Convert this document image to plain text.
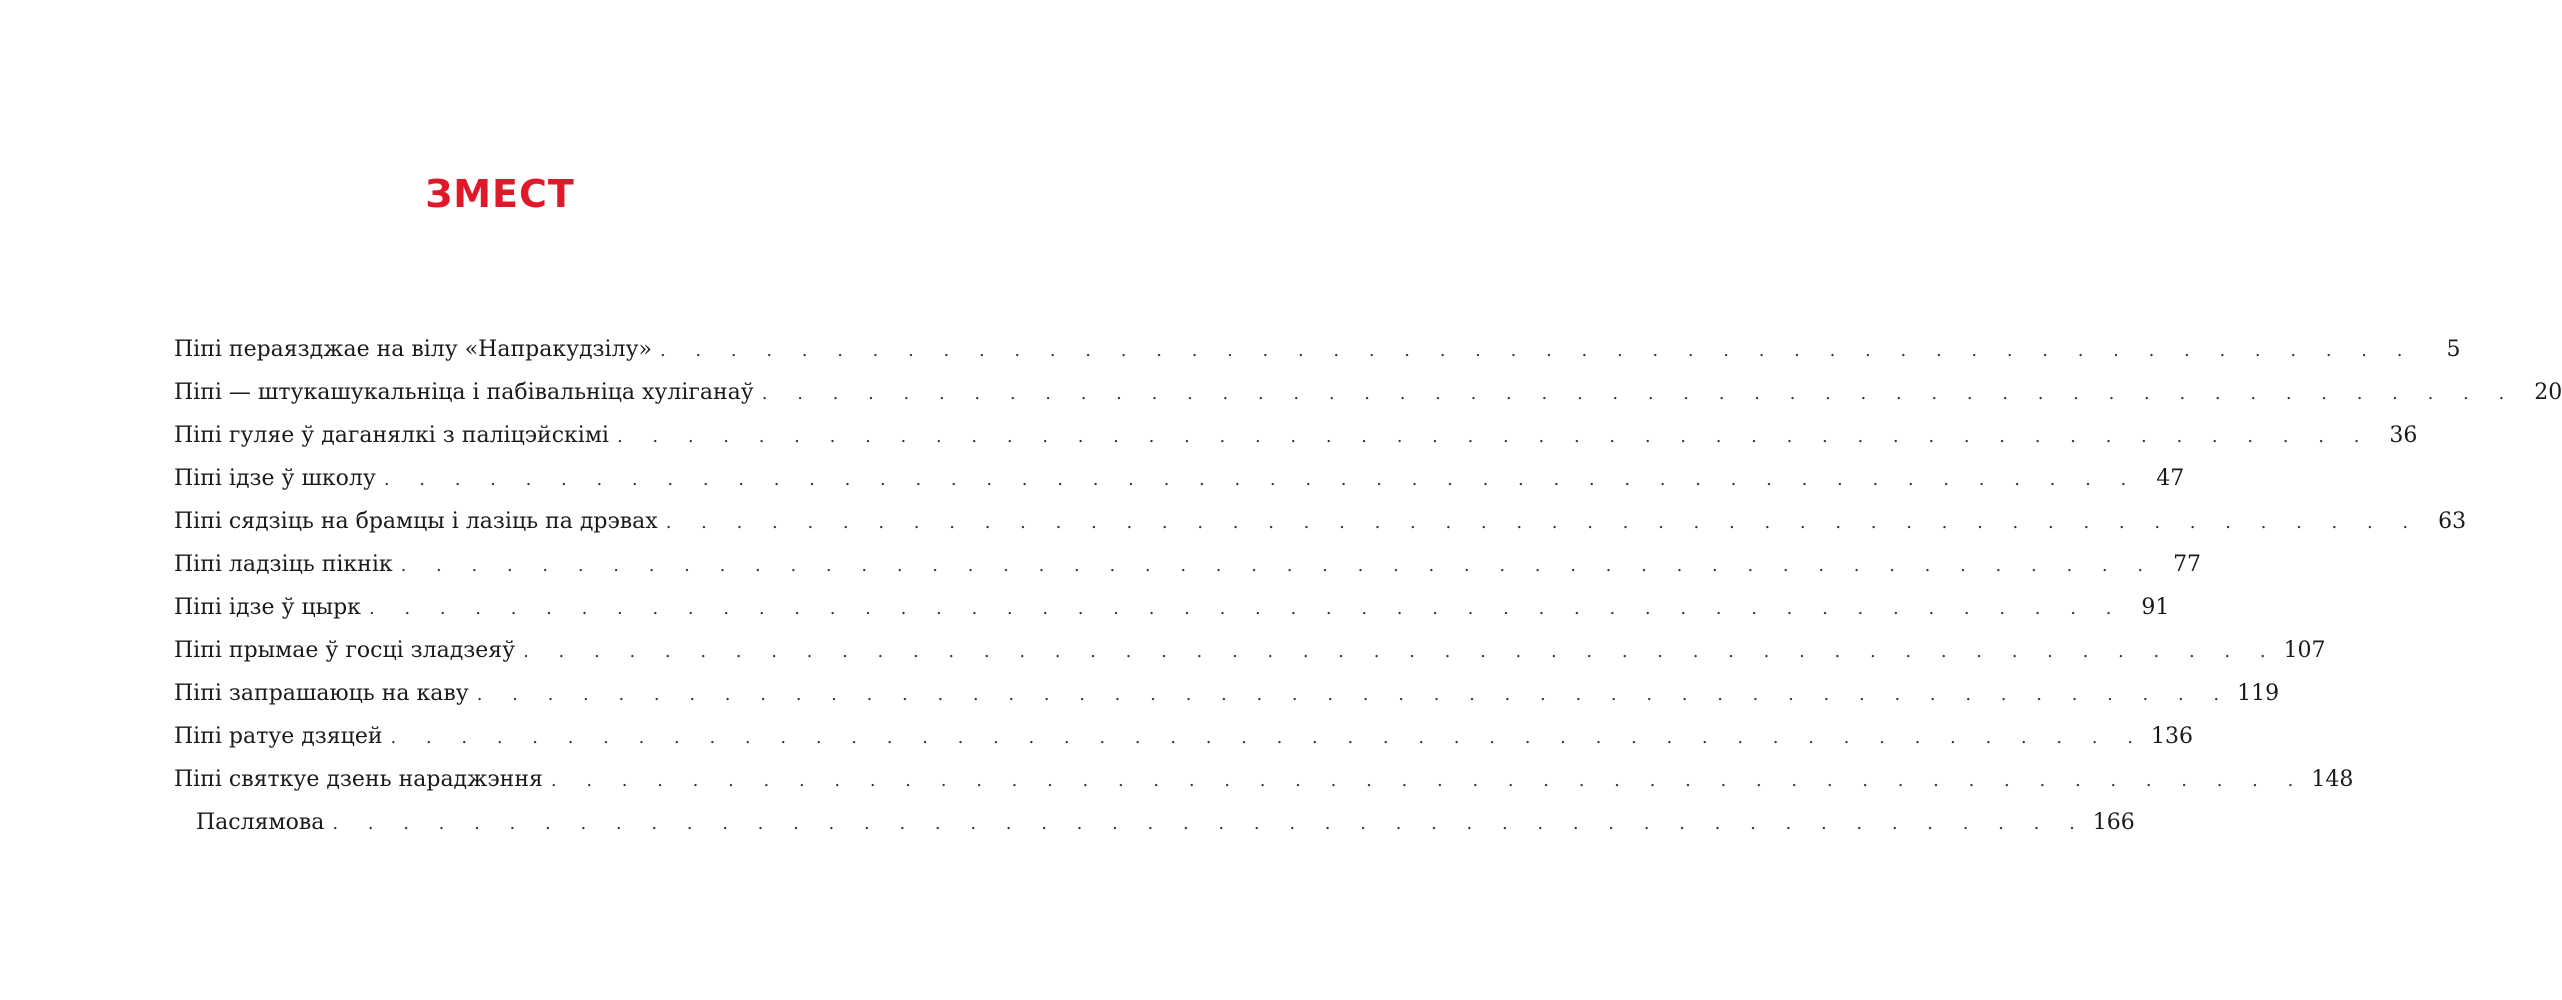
ЗМЕСТ
Піпі пераязджае на вілу «Напракудзілу» . . . . . . . . . . . . . . . . . . . . . . . . . . . . . . . . . . . . . . . . . . . . . . . . . .	5
Піпі — штукашукальніца і пабівальніца хуліганаў . . . . . . . . . . . . . . . . . . . . . . . . . . . . . . . . . . . . . . . . . . . . . . . . . . 20
Піпі гуляе ў даганялкі з паліцэйскімі . . . . . . . . . . . . . . . . . . . . . . . . . . . . . . . . . . . . . . . . . . . . . . . . . . 36
Піпі ідзе ў школу . . . . . . . . . . . . . . . . . . . . . . . . . . . . . . . . . . . . . . . . . . . . . . . . . . 47
Піпі сядзіць на брамцы і лазіць па дрэвах . . . . . . . . . . . . . . . . . . . . . . . . . . . . . . . . . . . . . . . . . . . . . . . . . . 63
Піпі ладзіць пікнік . . . . . . . . . . . . . . . . . . . . . . . . . . . . . . . . . . . . . . . . . . . . . . . . . . 77
Піпі ідзе ў цырк . . . . . . . . . . . . . . . . . . . . . . . . . . . . . . . . . . . . . . . . . . . . . . . . . . 91
Піпі прымае ў госці зладзеяў . . . . . . . . . . . . . . . . . . . . . . . . . . . . . . . . . . . . . . . . . . . . . . . . . . 107
Піпі запрашаюць на каву . . . . . . . . . . . . . . . . . . . . . . . . . . . . . . . . . . . . . . . . . . . . . . . . . . 119
Піпі ратуе дзяцей . . . . . . . . . . . . . . . . . . . . . . . . . . . . . . . . . . . . . . . . . . . . . . . . . . 136
Піпі святкуе дзень нараджэння . . . . . . . . . . . . . . . . . . . . . . . . . . . . . . . . . . . . . . . . . . . . . . . . . . 148
Паслямова . . . . . . . . . . . . . . . . . . . . . . . . . . . . . . . . . . . . . . . . . . . . . . . . . . 166
